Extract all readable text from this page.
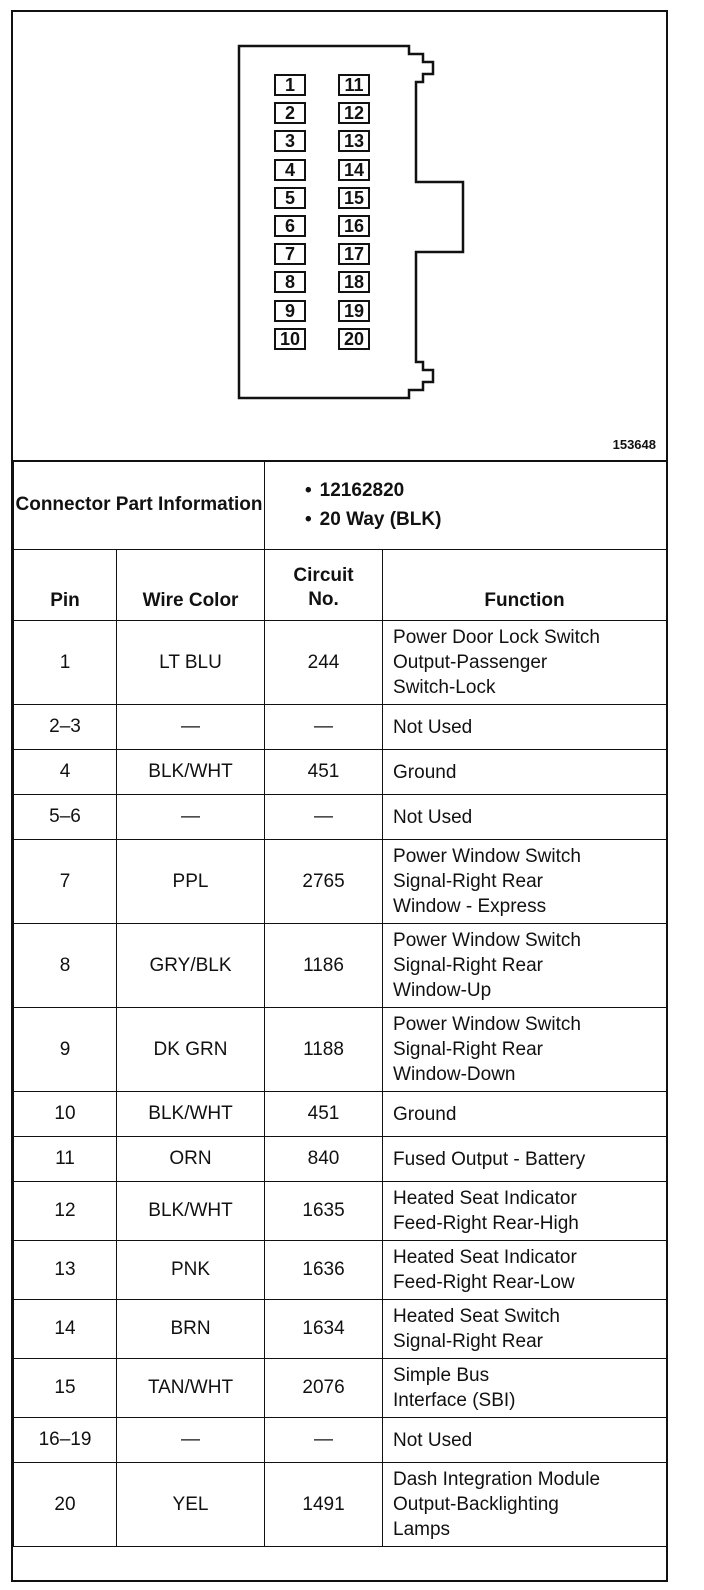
153648
1
2
3
4
5
6
7
8
9
10
11
12
13
14
15
16
17
18
19
20
Connector Part Information		• 12162820
• 20 Way (BLK)

Pin	Wire Color	Circuit
No.	Function
1	LT BLU	244	Power Door Lock Switch
Output-Passenger
Switch-Lock
2–3	—	—	Not Used
4	BLK/WHT	451	Ground
5–6	—	—	Not Used
7	PPL	2765	Power Window Switch
Signal-Right Rear
Window - Express
8	GRY/BLK	1186	Power Window Switch
Signal-Right Rear
Window-Up
9	DK GRN	1188	Power Window Switch
Signal-Right Rear
Window-Down
10	BLK/WHT	451	Ground
11	ORN	840	Fused Output - Battery
12	BLK/WHT	1635	Heated Seat Indicator
Feed-Right Rear-High
13	PNK	1636	Heated Seat Indicator
Feed-Right Rear-Low
14	BRN	1634	Heated Seat Switch
Signal-Right Rear
15	TAN/WHT	2076	Simple Bus
Interface (SBI)
16–19	—	—	Not Used
20	YEL	1491	Dash Integration Module
Output-Backlighting
Lamps
